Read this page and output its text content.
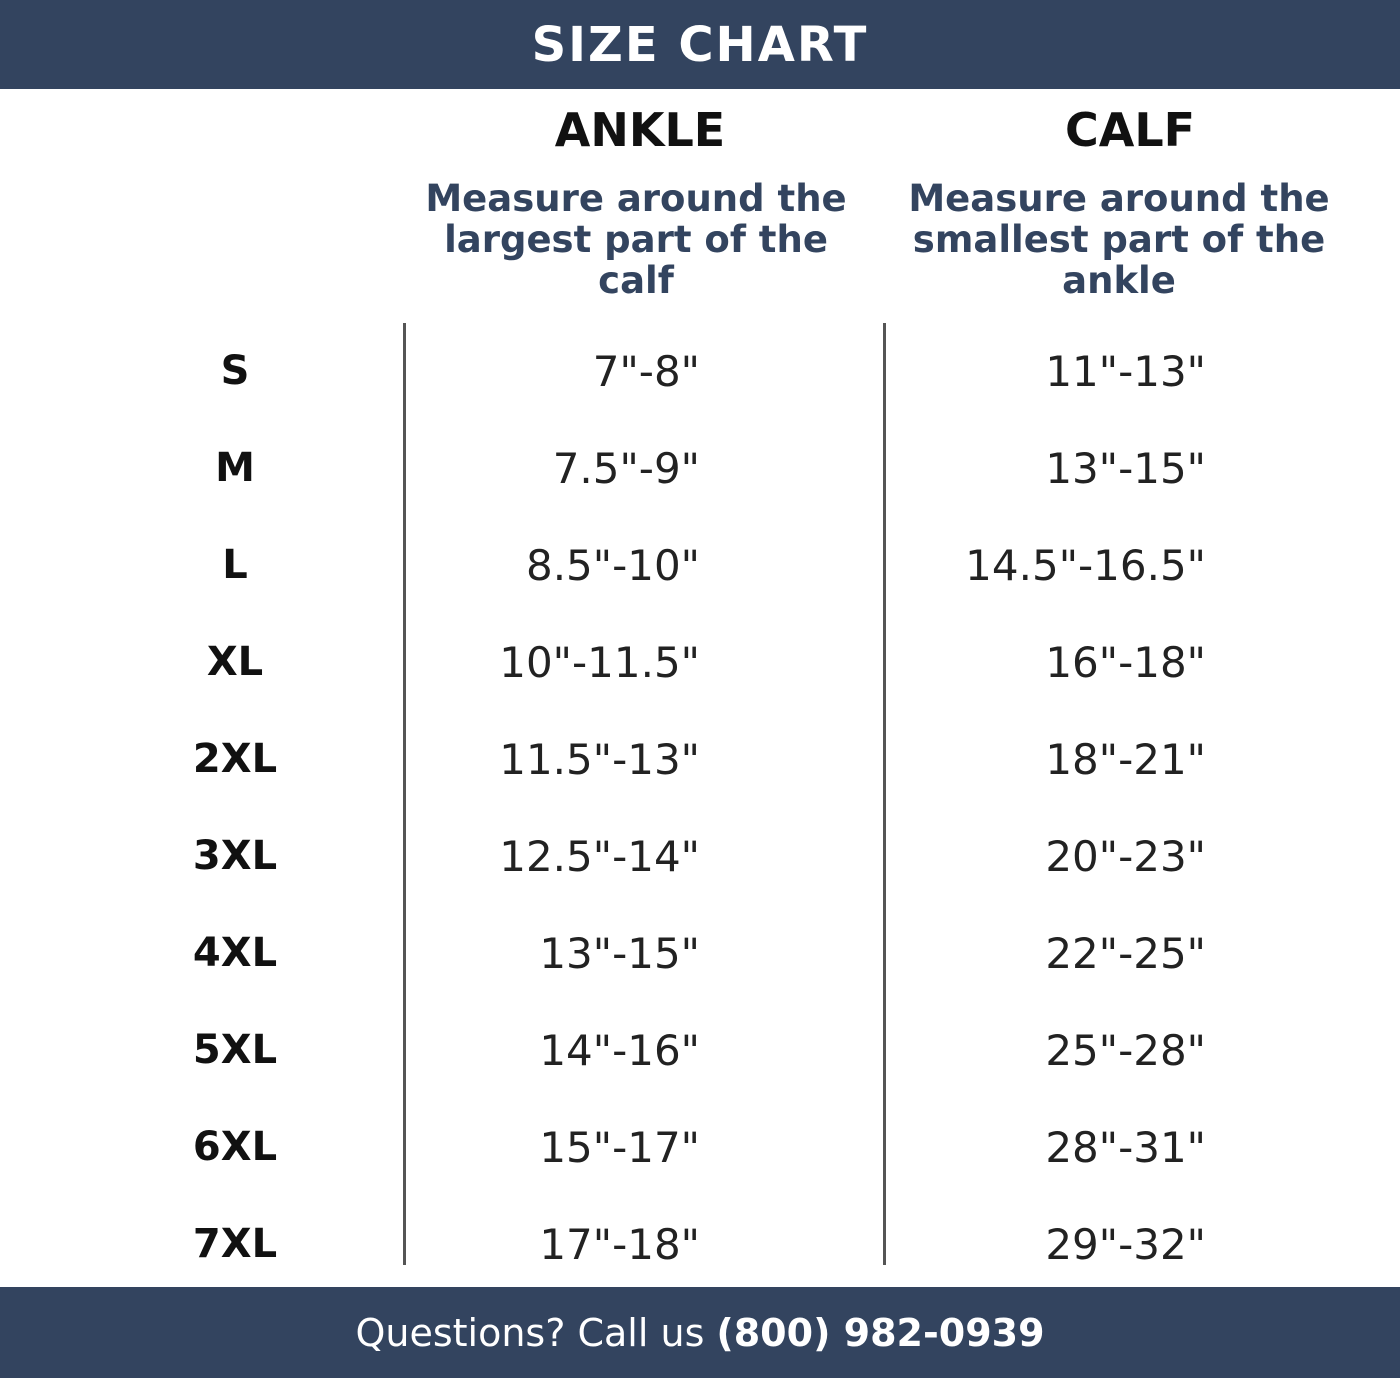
SIZE CHART
ANKLE	CALF
Measure around the largest part of the calf
Measure around the smallest part of the ankle
S	7"-8"	11"-13"
M	7.5"-9"	13"-15"
L	8.5"-10"	14.5"-16.5"
XL	10"-11.5"	16"-18"
2XL	11.5"-13"	18"-21"
3XL	12.5"-14"	20"-23"
4XL	13"-15"	22"-25"
5XL	14"-16"	25"-28"
6XL	15"-17"	28"-31"
7XL	17"-18"	29"-32"
Questions? Call us (800) 982-0939
